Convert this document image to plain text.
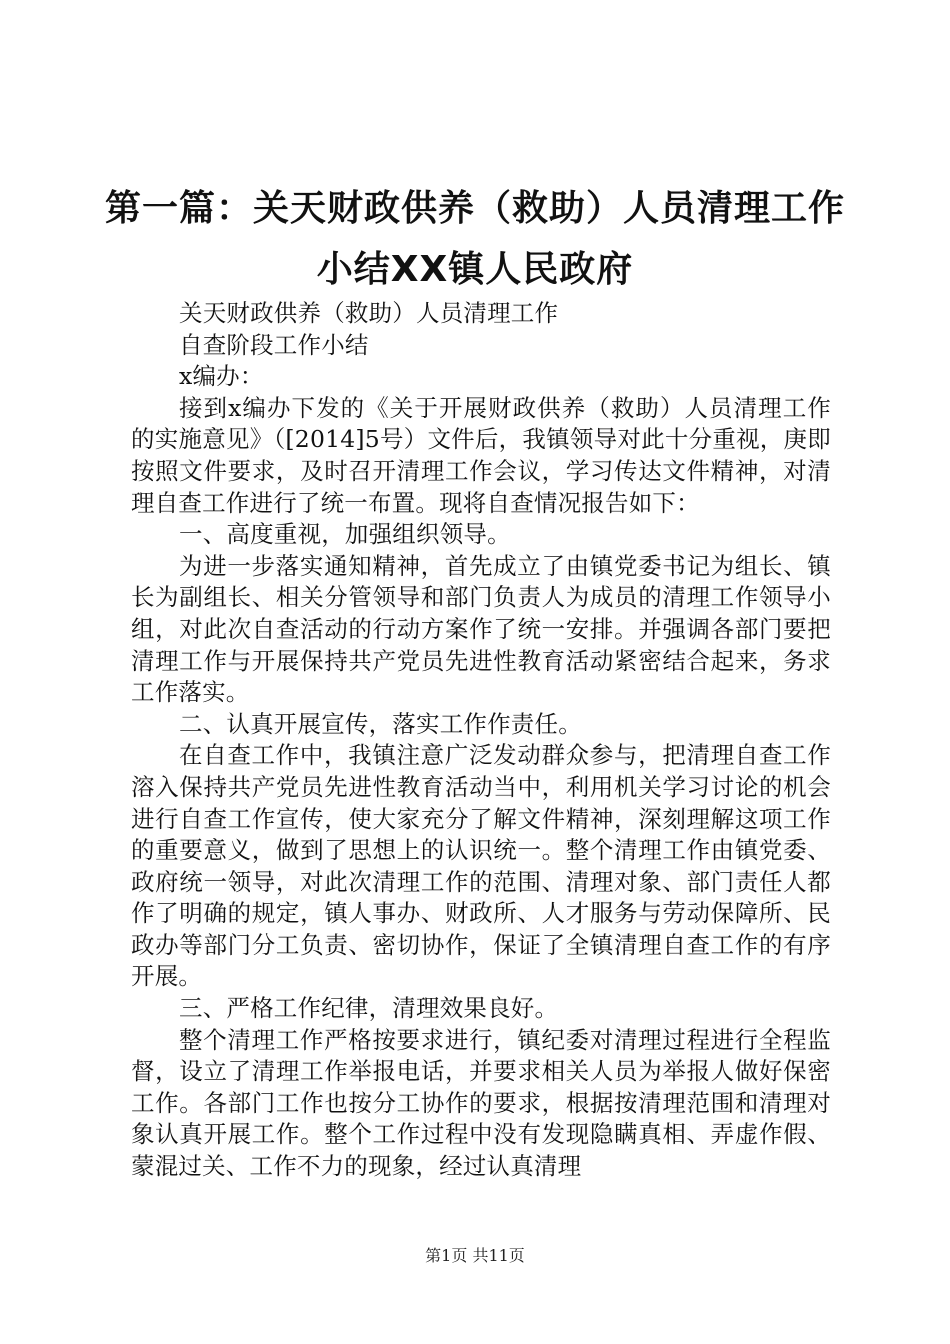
第一篇：关天财政供养（救助）人员清理工作
小结XX镇人民政府

关天财政供养（救助）人员清理工作

自查阶段工作小结

x编办：

接到x编办下发的《关于开展财政供养（救助）人员清理工作的实施意见》（[2014]5号）文件后，我镇领导对此十分重视，庚即按照文件要求，及时召开清理工作会议，学习传达文件精神，对清理自查工作进行了统一布置。现将自查情况报告如下：

一、高度重视，加强组织领导。

为进一步落实通知精神，首先成立了由镇党委书记为组长、镇长为副组长、相关分管领导和部门负责人为成员的清理工作领导小组，对此次自查活动的行动方案作了统一安排。并强调各部门要把清理工作与开展保持共产党员先进性教育活动紧密结合起来，务求工作落实。

二、认真开展宣传，落实工作作责任。

在自查工作中，我镇注意广泛发动群众参与，把清理自查工作溶入保持共产党员先进性教育活动当中，利用机关学习讨论的机会进行自查工作宣传，使大家充分了解文件精神，深刻理解这项工作的重要意义，做到了思想上的认识统一。整个清理工作由镇党委、政府统一领导，对此次清理工作的范围、清理对象、部门责任人都作了明确的规定，镇人事办、财政所、人才服务与劳动保障所、民政办等部门分工负责、密切协作，保证了全镇清理自查工作的有序开展。

三、严格工作纪律，清理效果良好。

整个清理工作严格按要求进行，镇纪委对清理过程进行全程监督，设立了清理工作举报电话，并要求相关人员为举报人做好保密工作。各部门工作也按分工协作的要求，根据按清理范围和清理对象认真开展工作。整个工作过程中没有发现隐瞒真相、弄虚作假、蒙混过关、工作不力的现象，经过认真清理

第1页 共11页
